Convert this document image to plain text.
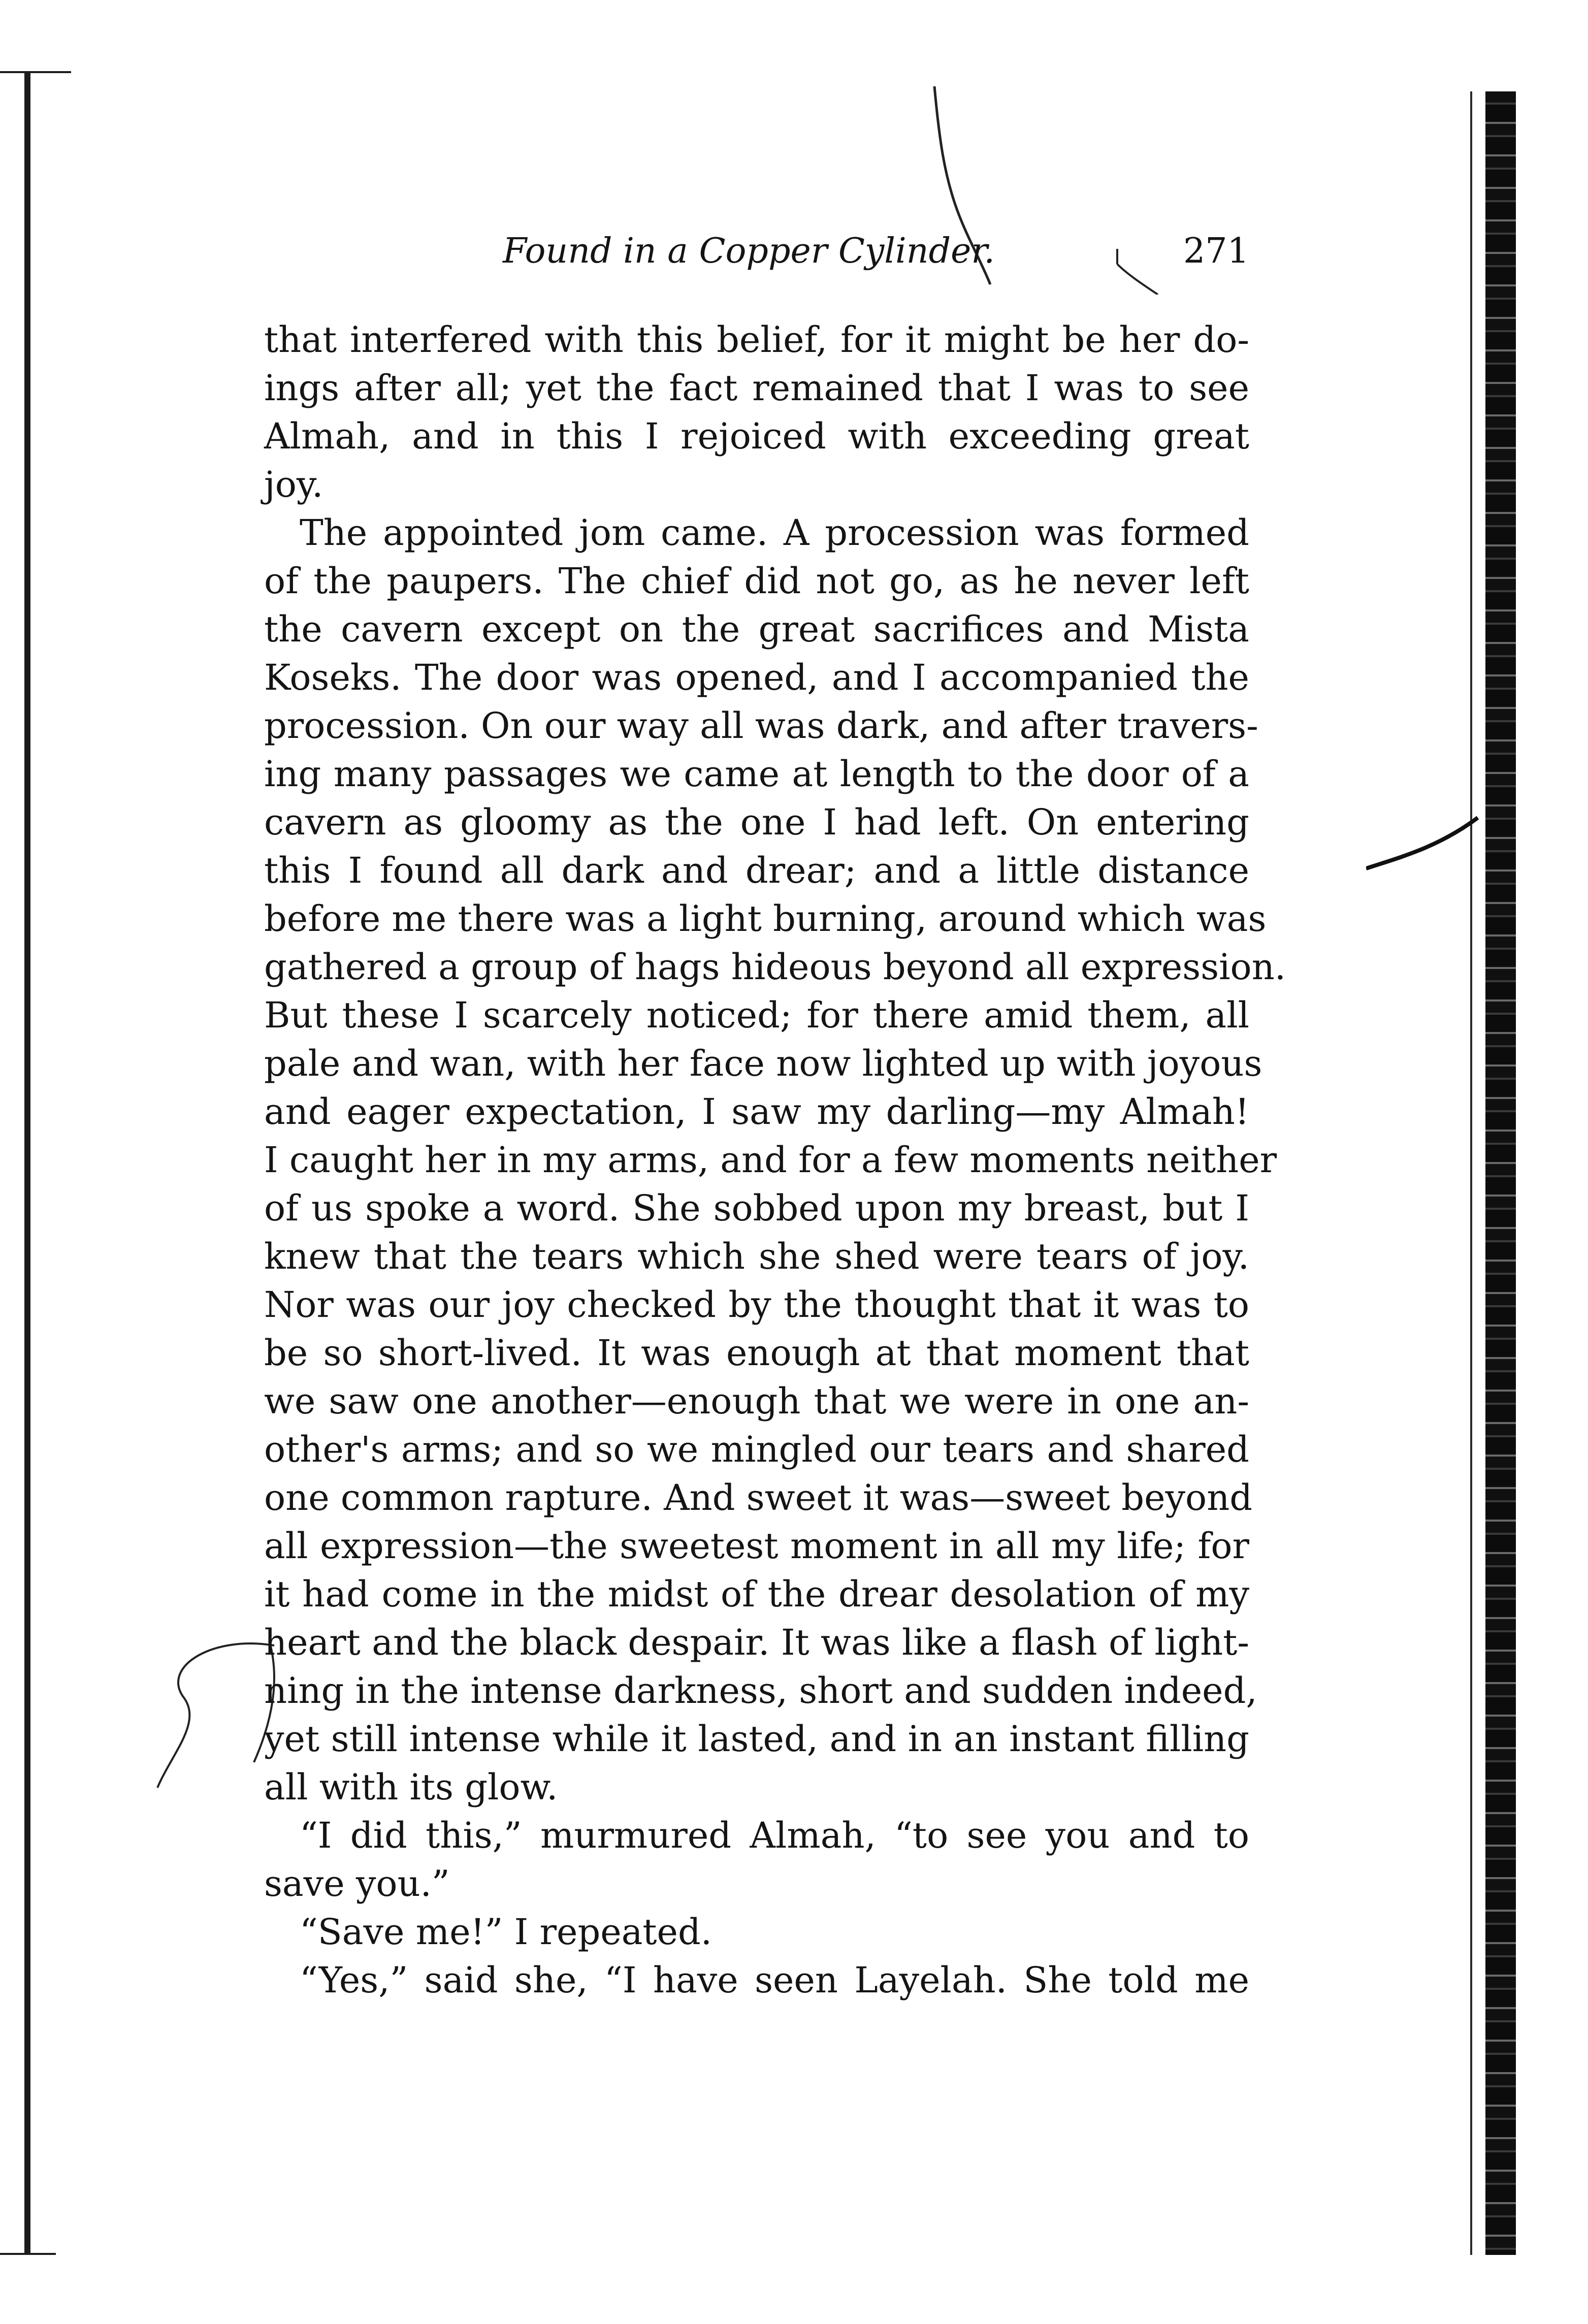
Found in a Copper Cylinder.	271
that interfered with this belief, for it might be her do-
ings after all; yet the fact remained that I was to see
Almah, and in this I rejoiced with exceeding great
joy.
The appointed jom came. A procession was formed
of the paupers. The chief did not go, as he never left
the cavern except on the great sacrifices and Mista
Koseks. The door was opened, and I accompanied the
procession. On our way all was dark, and after travers-
ing many passages we came at length to the door of a
cavern as gloomy as the one I had left. On entering
this I found all dark and drear; and a little distance
before me there was a light burning, around which was
gathered a group of hags hideous beyond all expression.
But these I scarcely noticed; for there amid them, all
pale and wan, with her face now lighted up with joyous
and eager expectation, I saw my darling—my Almah!
I caught her in my arms, and for a few moments neither
of us spoke a word. She sobbed upon my breast, but I
knew that the tears which she shed were tears of joy.
Nor was our joy checked by the thought that it was to
be so short-lived. It was enough at that moment that
we saw one another—enough that we were in one an-
other's arms; and so we mingled our tears and shared
one common rapture. And sweet it was—sweet beyond
all expression—the sweetest moment in all my life; for
it had come in the midst of the drear desolation of my
heart and the black despair. It was like a flash of light-
ning in the intense darkness, short and sudden indeed,
yet still intense while it lasted, and in an instant filling
all with its glow.
“I did this,” murmured Almah, “to see you and to
save you.”
“Save me!” I repeated.
“Yes,” said she, “I have seen Layelah. She told me
